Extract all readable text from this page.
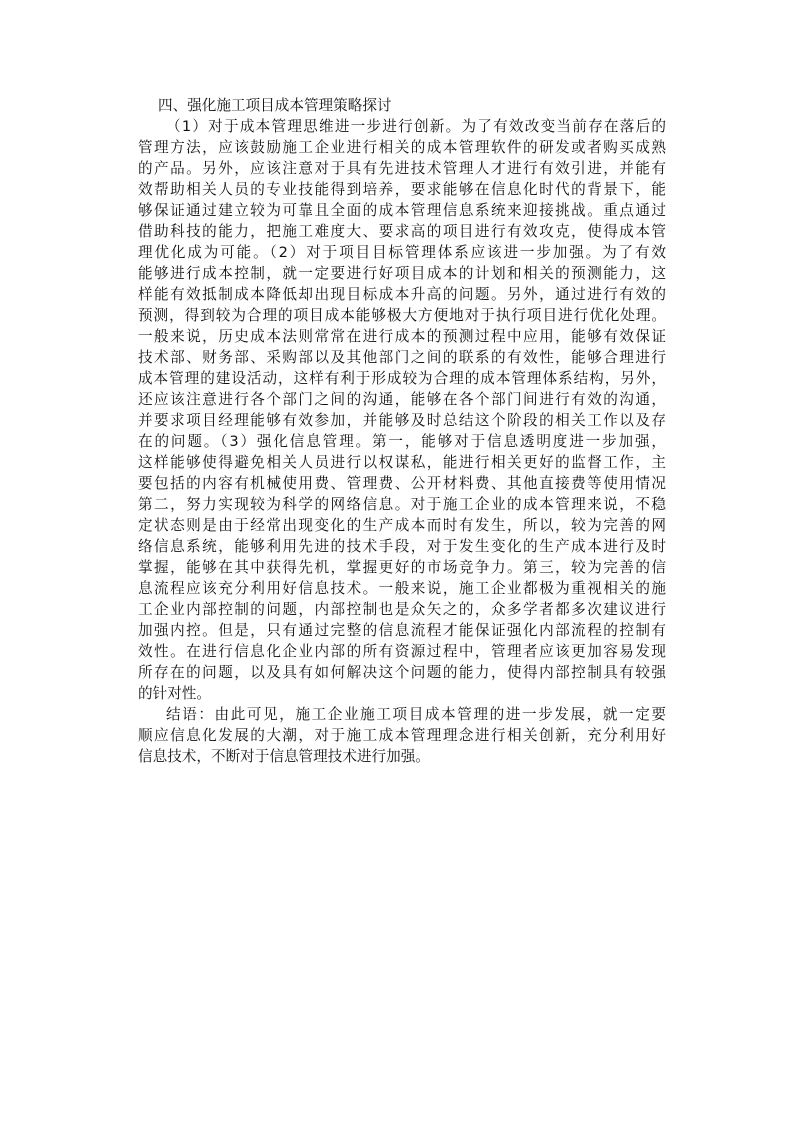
四、强化施工项目成本管理策略探讨

（1）对于成本管理思维进一步进行创新。为了有效改变当前存在落后的
管理方法，应该鼓励施工企业进行相关的成本管理软件的研发或者购买成熟
的产品。另外，应该注意对于具有先进技术管理人才进行有效引进，并能有
效帮助相关人员的专业技能得到培养，要求能够在信息化时代的背景下，能
够保证通过建立较为可靠且全面的成本管理信息系统来迎接挑战。重点通过
借助科技的能力，把施工难度大、要求高的项目进行有效攻克，使得成本管
理优化成为可能。（2）对于项目目标管理体系应该进一步加强。为了有效
能够进行成本控制，就一定要进行好项目成本的计划和相关的预测能力，这
样能有效抵制成本降低却出现目标成本升高的问题。另外，通过进行有效的
预测，得到较为合理的项目成本能够极大方便地对于执行项目进行优化处理。
一般来说，历史成本法则常常在进行成本的预测过程中应用，能够有效保证
技术部、财务部、采购部以及其他部门之间的联系的有效性，能够合理进行
成本管理的建设活动，这样有利于形成较为合理的成本管理体系结构，另外，
还应该注意进行各个部门之间的沟通，能够在各个部门间进行有效的沟通，
并要求项目经理能够有效参加，并能够及时总结这个阶段的相关工作以及存
在的问题。（3）强化信息管理。第一，能够对于信息透明度进一步加强，
这样能够使得避免相关人员进行以权谋私，能进行相关更好的监督工作，主
要包括的内容有机械使用费、管理费、公开材料费、其他直接费等使用情况
第二，努力实现较为科学的网络信息。对于施工企业的成本管理来说，不稳
定状态则是由于经常出现变化的生产成本而时有发生，所以，较为完善的网
络信息系统，能够利用先进的技术手段，对于发生变化的生产成本进行及时
掌握，能够在其中获得先机，掌握更好的市场竞争力。第三，较为完善的信
息流程应该充分利用好信息技术。一般来说，施工企业都极为重视相关的施
工企业内部控制的问题，内部控制也是众矢之的，众多学者都多次建议进行
加强内控。但是，只有通过完整的信息流程才能保证强化内部流程的控制有
效性。在进行信息化企业内部的所有资源过程中，管理者应该更加容易发现
所存在的问题，以及具有如何解决这个问题的能力，使得内部控制具有较强
的针对性。
结语：由此可见，施工企业施工项目成本管理的进一步发展，就一定要
顺应信息化发展的大潮，对于施工成本管理理念进行相关创新，充分利用好
信息技术，不断对于信息管理技术进行加强。
